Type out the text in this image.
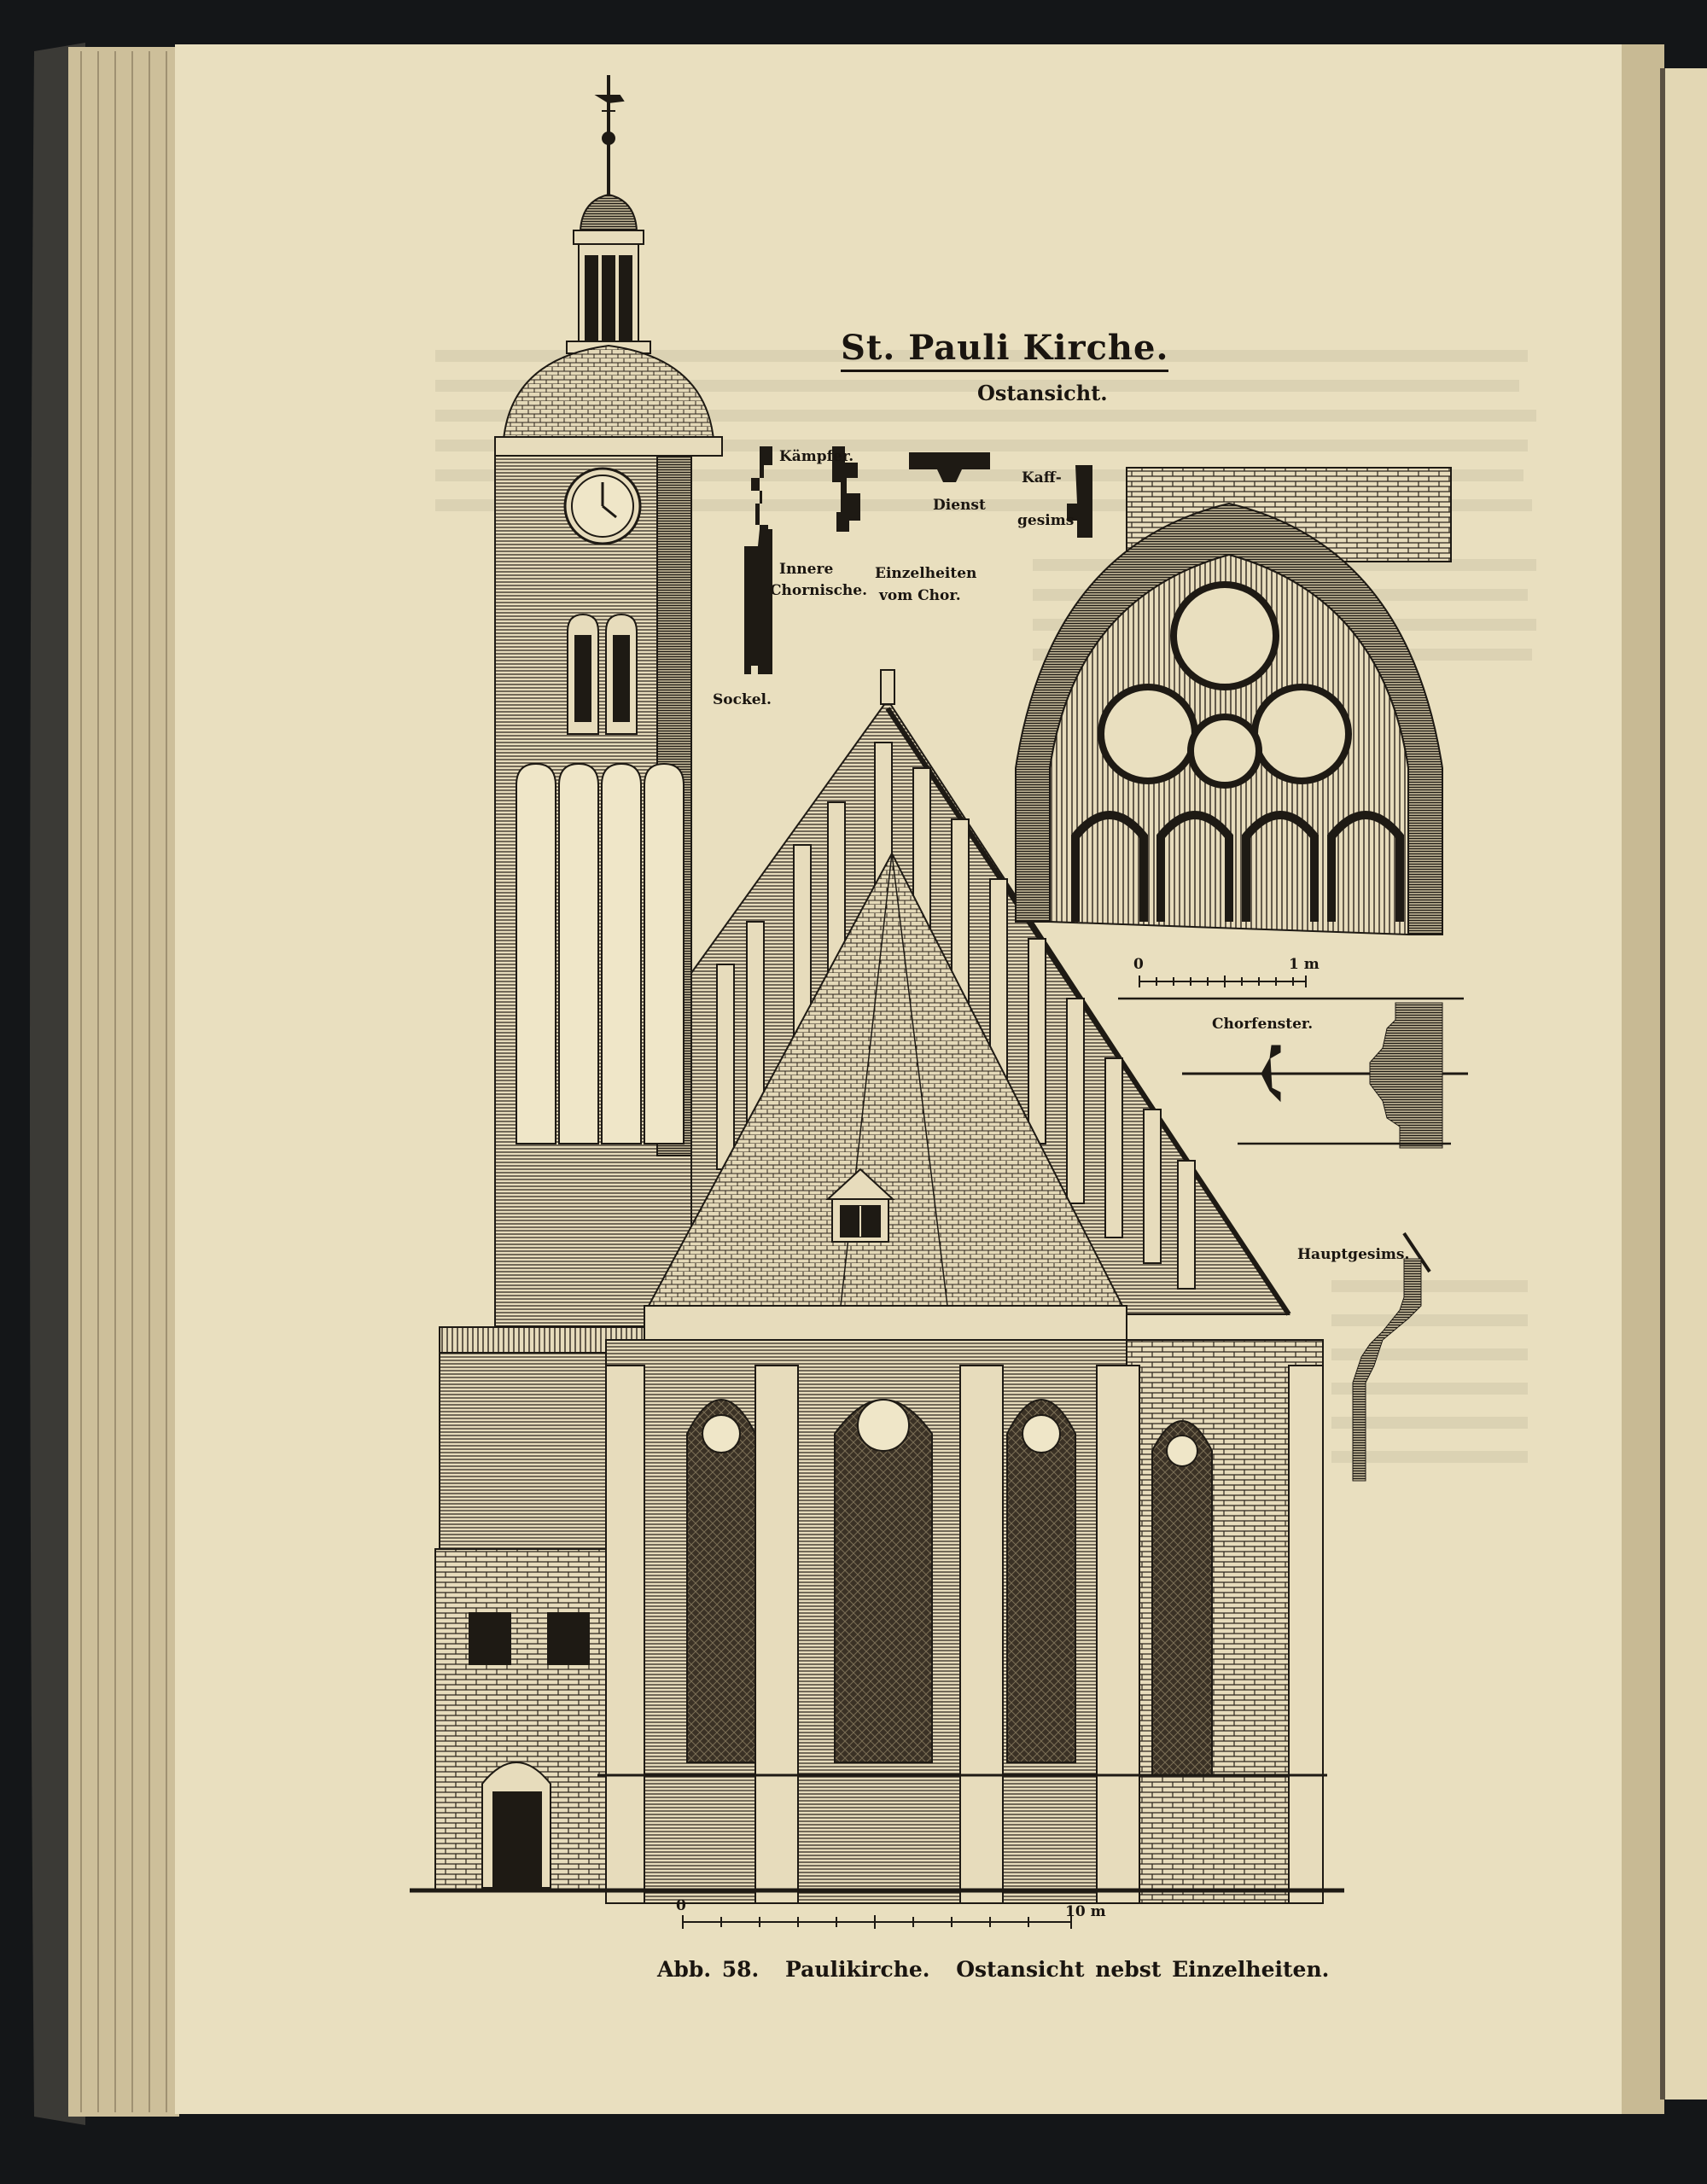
St. Pauli Kirche.
Ostansicht.
Kämpfer.
Dienst
Kaff-
gesims
Innere
Chornische.
Einzelheiten
vom Chor.
Sockel.
Chorfenster.
Hauptgesims.
0	1 m
0	10 m
Abb. 58. Paulikirche. Ostansicht nebst Einzelheiten.
